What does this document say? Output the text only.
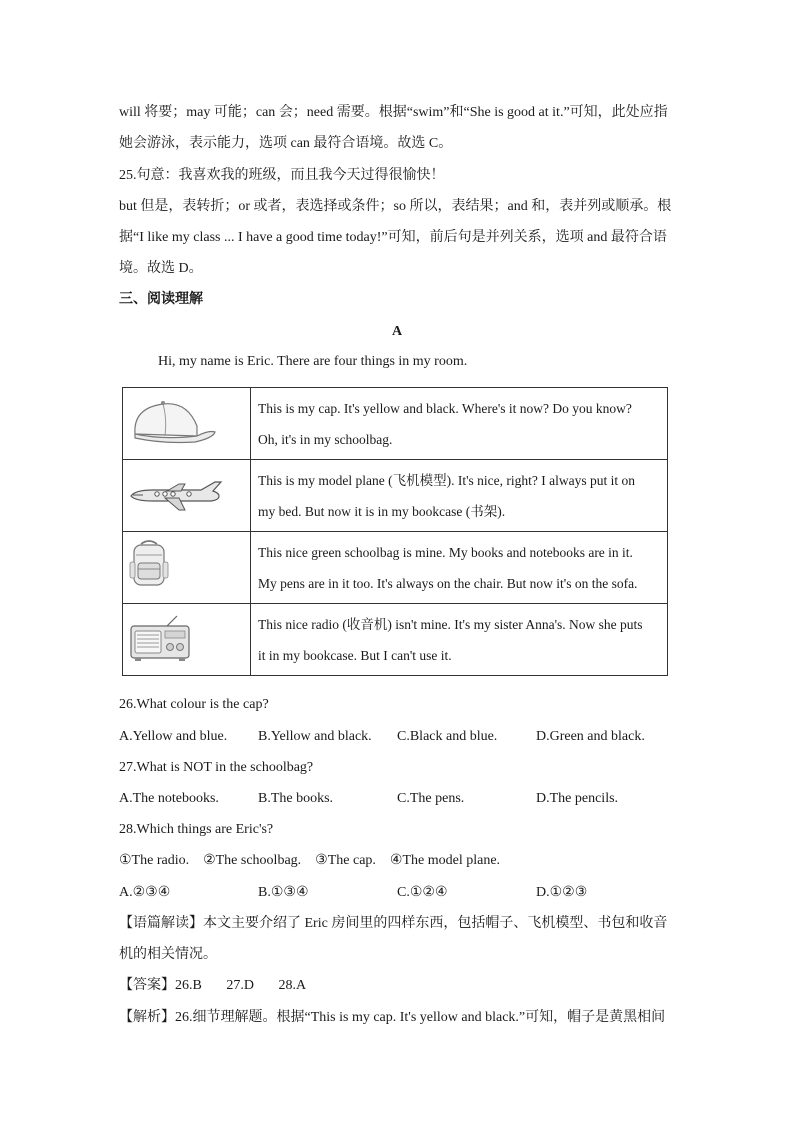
will 将要；may 可能；can 会；need 需要。根据“swim”和“She is good at it.”可知，此处应指
她会游泳，表示能力，选项 can 最符合语境。故选 C。
25.句意：我喜欢我的班级，而且我今天过得很愉快！
but 但是，表转折；or 或者，表选择或条件；so 所以，表结果；and 和，表并列或顺承。根
据“I like my class ... I have a good time today!”可知，前后句是并列关系，选项 and 最符合语
境。故选 D。
三、阅读理解
A
Hi, my name is Eric. There are four things in my room.

This is my cap. It's yellow and black. Where's it now? Do you know?
Oh, it's in my schoolbag.

This is my model plane (飞机模型). It's nice, right? I always put it on
my bed. But now it is in my bookcase (书架).

This nice green schoolbag is mine. My books and notebooks are in it.
My pens are in it too. It's always on the chair. But now it's on the sofa.

This nice radio (收音机) isn't mine. It's my sister Anna's. Now she puts
it in my bookcase. But I can't use it.
26.What colour is the cap?
A.Yellow and blue. B.Yellow and black. C.Black and blue.	D.Green and black.
27.What is NOT in the schoolbag?
A.The notebooks.	B.The books.	C.The pens.	D.The pencils.
28.Which things are Eric's?
①The radio.    ②The schoolbag.    ③The cap.    ④The model plane.
A.②③④	B.①③④	C.①②④	D.①②③
【语篇解读】本文主要介绍了 Eric 房间里的四样东西，包括帽子、飞机模型、书包和收音
机的相关情况。
【答案】26.B       27.D       28.A
【解析】26.细节理解题。根据“This is my cap. It's yellow and black.”可知，帽子是黄黑相间
